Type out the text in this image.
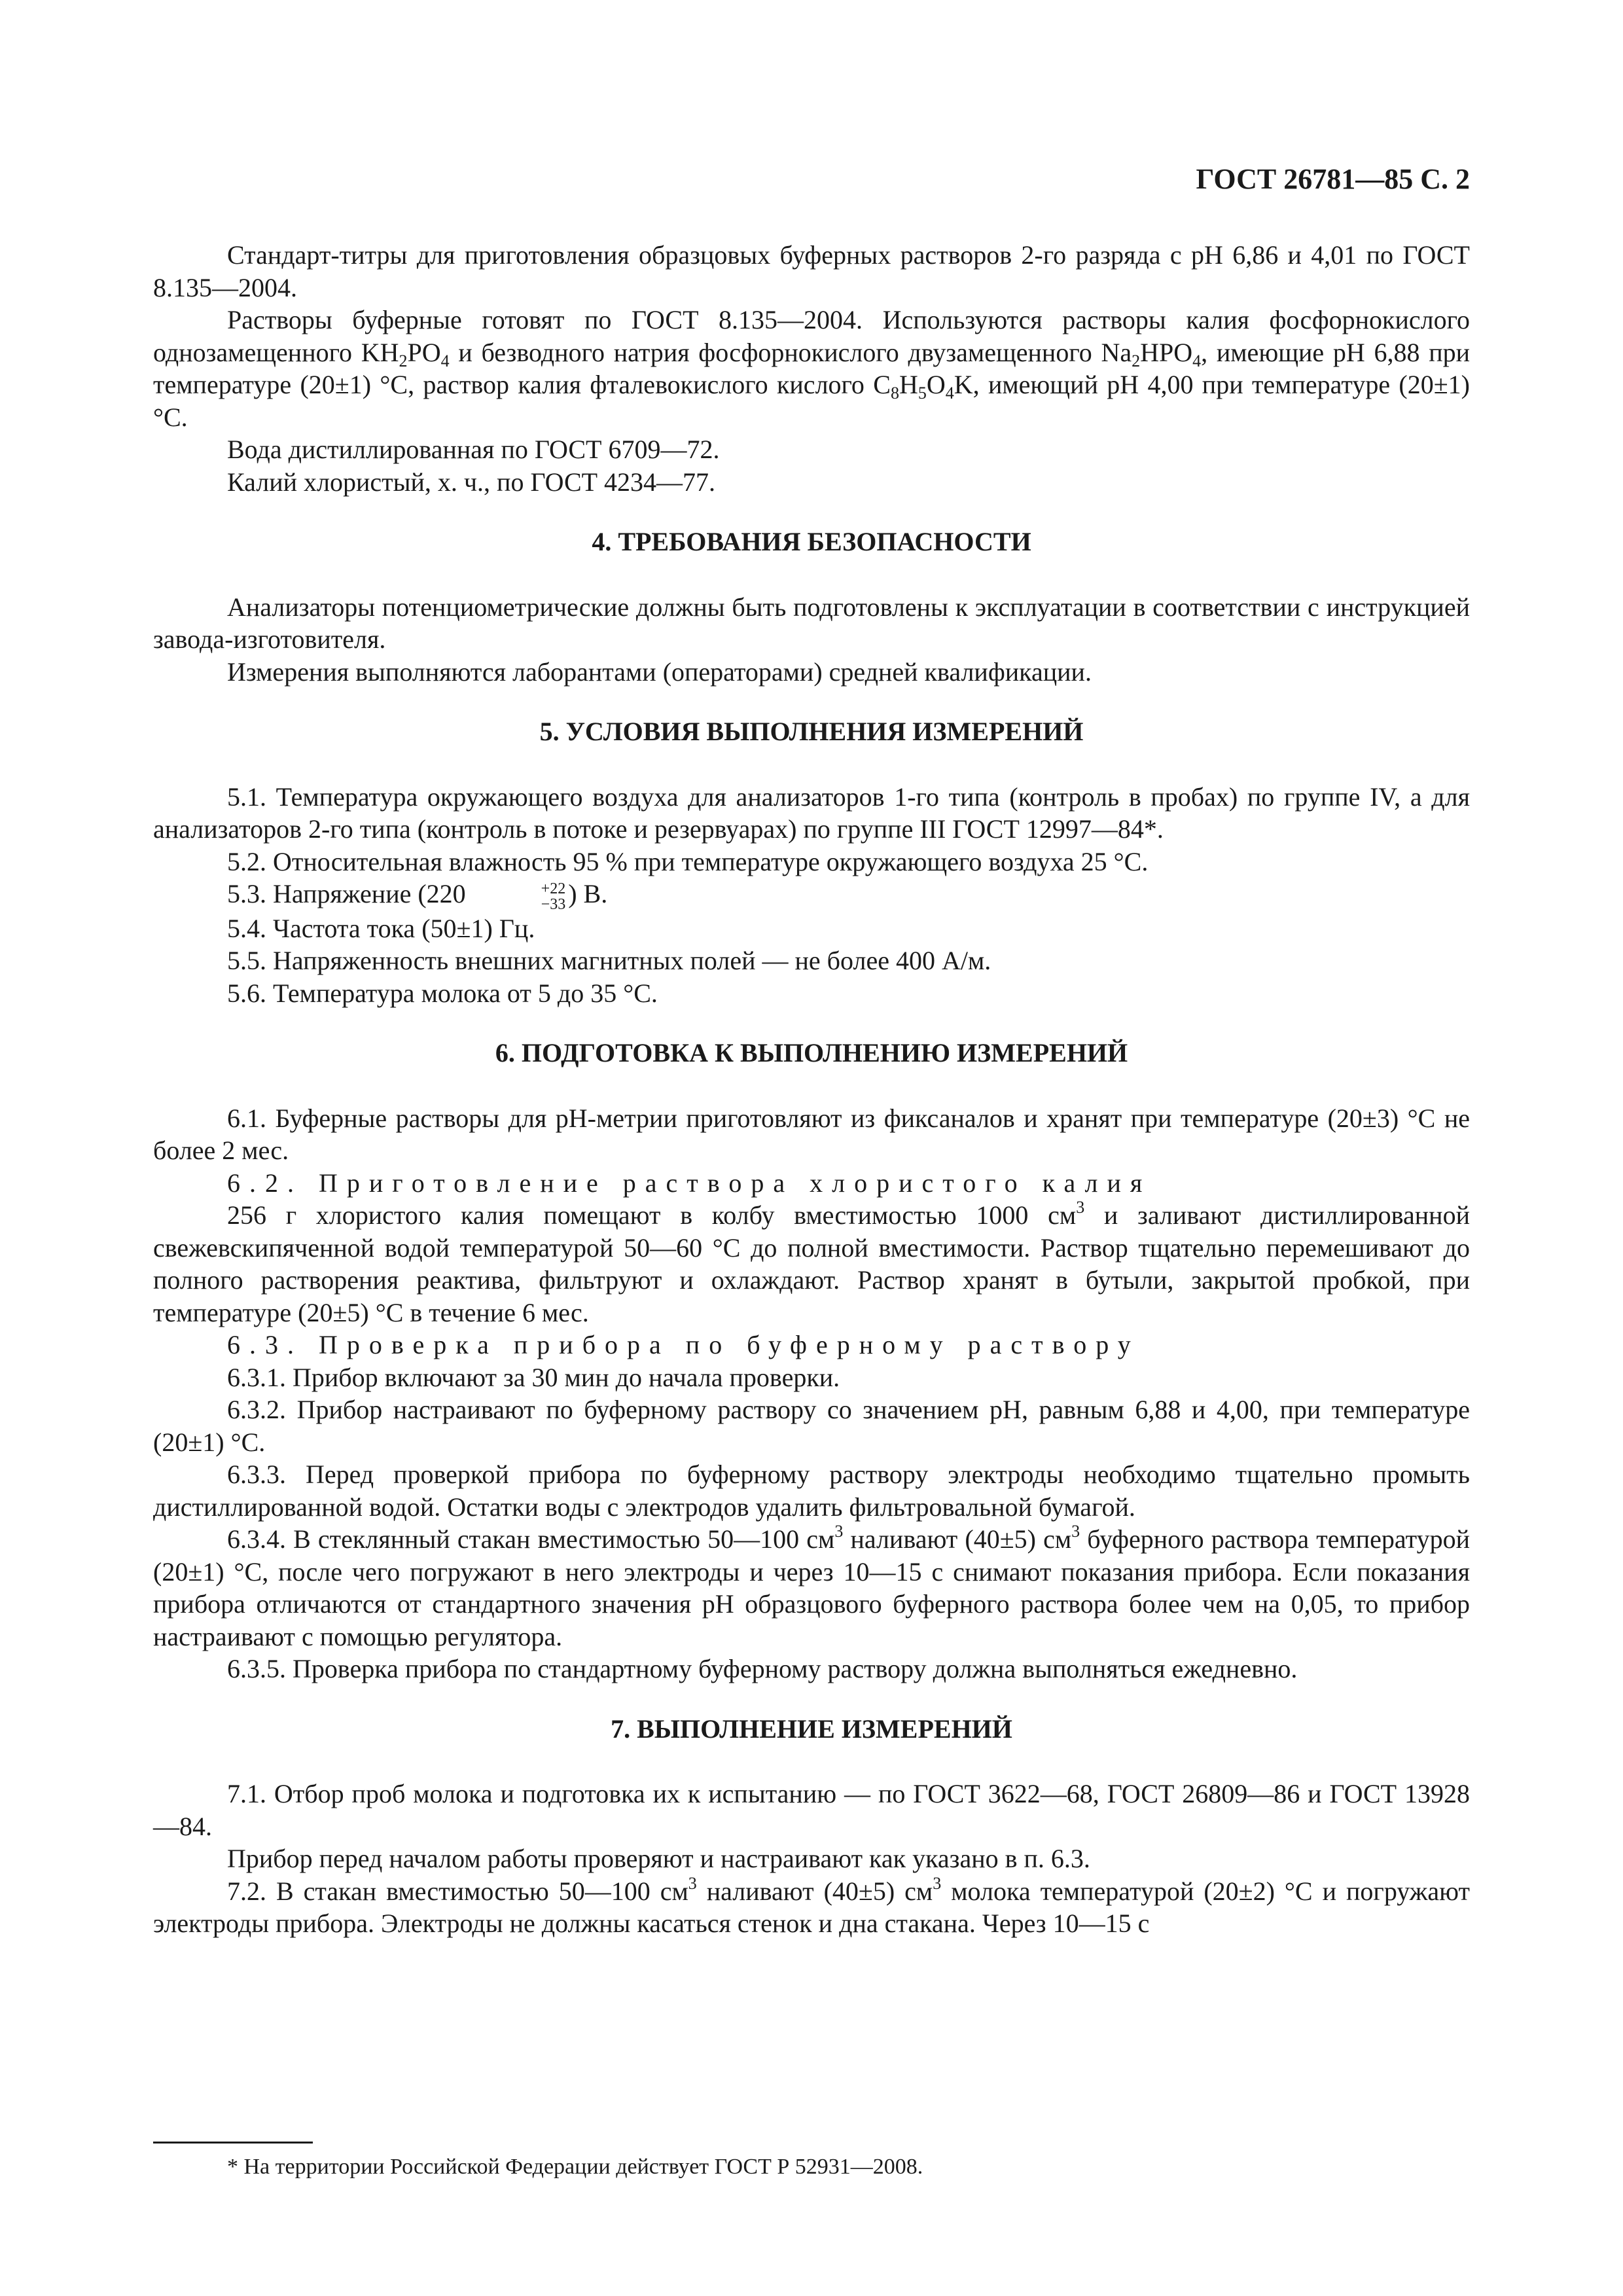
ГОСТ 26781—85 С. 2

Стандарт-титры для приготовления образцовых буферных растворов 2-го разряда с рН 6,86 и 4,01 по ГОСТ 8.135—2004.

Растворы буферные готовят по ГОСТ 8.135—2004. Используются растворы калия фосфорнокислого однозамещенного $KH_2PO_4$ и безводного натрия фосфорнокислого двузамещенного $Na_2HPO_4$, имеющие рН 6,88 при температуре (20±1) °С, раствор калия фталевокислого кислого $C_8H_5O_4K$, имеющий рН 4,00 при температуре (20±1) °С.

Вода дистиллированная по ГОСТ 6709—72.

Калий хлористый, х. ч., по ГОСТ 4234—77.

4. ТРЕБОВАНИЯ БЕЗОПАСНОСТИ

Анализаторы потенциометрические должны быть подготовлены к эксплуатации в соответствии с инструкцией завода-изготовителя.

Измерения выполняются лаборантами (операторами) средней квалификации.

5. УСЛОВИЯ ВЫПОЛНЕНИЯ ИЗМЕРЕНИЙ

5.1. Температура окружающего воздуха для анализаторов 1-го типа (контроль в пробах) по группе IV, а для анализаторов 2-го типа (контроль в потоке и резервуарах) по группе III ГОСТ 12997—84*.

5.2. Относительная влажность 95 % при температуре окружающего воздуха 25 °С.

5.3. Напряжение (220	+22
−33 ) В.

5.4. Частота тока (50±1) Гц.

5.5. Напряженность внешних магнитных полей — не более 400 А/м.

5.6. Температура молока от 5 до 35 °С.

6. ПОДГОТОВКА К ВЫПОЛНЕНИЮ ИЗМЕРЕНИЙ

6.1. Буферные растворы для рН-метрии приготовляют из фиксаналов и хранят при температуре (20±3) °С не более 2 мес.

6.2. Приготовление раствора хлористого калия

256 г хлористого калия помещают в колбу вместимостью 1000 $см^3$ и заливают дистиллированной свежевскипяченной водой температурой 50—60 °С до полной вместимости. Раствор тщательно перемешивают до полного растворения реактива, фильтруют и охлаждают. Раствор хранят в бутыли, закрытой пробкой, при температуре (20±5) °С в течение 6 мес.

6.3. Проверка прибора по буферному раствору

6.3.1. Прибор включают за 30 мин до начала проверки.

6.3.2. Прибор настраивают по буферному раствору со значением рН, равным 6,88 и 4,00, при температуре (20±1) °С.

6.3.3. Перед проверкой прибора по буферному раствору электроды необходимо тщательно промыть дистиллированной водой. Остатки воды с электродов удалить фильтровальной бумагой.

6.3.4. В стеклянный стакан вместимостью 50—100 $см^3$ наливают (40±5) $см^3$ буферного раствора температурой (20±1) °С, после чего погружают в него электроды и через 10—15 с снимают показания прибора. Если показания прибора отличаются от стандартного значения рН образцового буферного раствора более чем на 0,05, то прибор настраивают с помощью регулятора.

6.3.5. Проверка прибора по стандартному буферному раствору должна выполняться ежедневно.

7. ВЫПОЛНЕНИЕ ИЗМЕРЕНИЙ

7.1. Отбор проб молока и подготовка их к испытанию — по ГОСТ 3622—68, ГОСТ 26809—86 и ГОСТ 13928—84.

Прибор перед началом работы проверяют и настраивают как указано в п. 6.3.

7.2. В стакан вместимостью 50—100 $см^3$ наливают (40±5) $см^3$ молока температурой (20±2) °С и погружают электроды прибора. Электроды не должны касаться стенок и дна стакана. Через 10—15 с

* На территории Российской Федерации действует ГОСТ Р 52931—2008.
